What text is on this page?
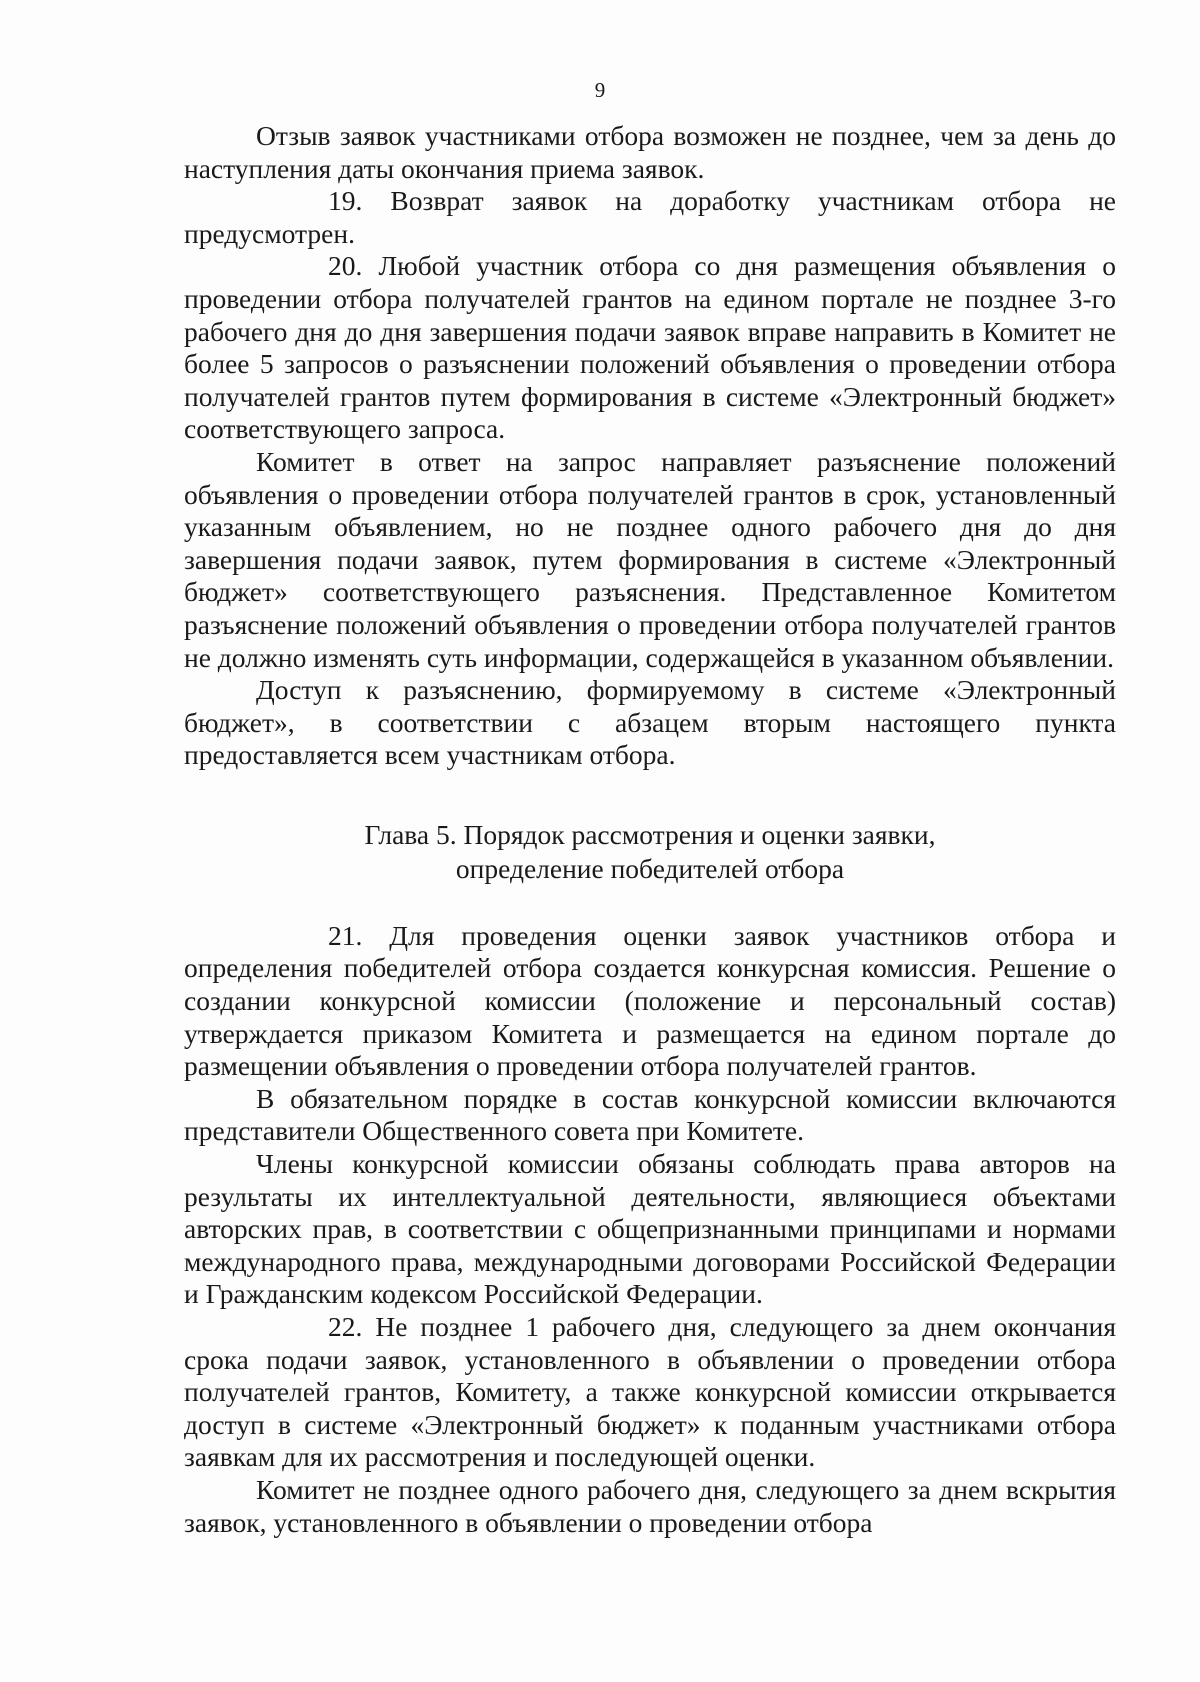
9

Отзыв заявок участниками отбора возможен не позднее, чем за день до наступления даты окончания приема заявок.

19. Возврат заявок на доработку участникам отбора не предусмотрен.

20. Любой участник отбора со дня размещения объявления о проведении отбора получателей грантов на едином портале не позднее 3-го рабочего дня до дня завершения подачи заявок вправе направить в Комитет не более 5 запросов о разъяснении положений объявления о проведении отбора получателей грантов путем формирования в системе «Электронный бюджет» соответствующего запроса.

Комитет в ответ на запрос направляет разъяснение положений объявления о проведении отбора получателей грантов в срок, установленный указанным объявлением, но не позднее одного рабочего дня до дня завершения подачи заявок, путем формирования в системе «Электронный бюджет» соответствующего разъяснения. Представленное Комитетом разъяснение положений объявления о проведении отбора получателей грантов не должно изменять суть информации, содержащейся в указанном объявлении.

Доступ к разъяснению, формируемому в системе «Электронный бюджет», в соответствии с абзацем вторым настоящего пункта предоставляется всем участникам отбора.

Глава 5. Порядок рассмотрения и оценки заявки,
определение победителей отбора

21. Для проведения оценки заявок участников отбора и определения победителей отбора создается конкурсная комиссия. Решение о создании конкурсной комиссии (положение и персональный состав) утверждается приказом Комитета и размещается на едином портале до размещении объявления о проведении отбора получателей грантов.

В обязательном порядке в состав конкурсной комиссии включаются представители Общественного совета при Комитете.

Члены конкурсной комиссии обязаны соблюдать права авторов на результаты их интеллектуальной деятельности, являющиеся объектами авторских прав, в соответствии с общепризнанными принципами и нормами международного права, международными договорами Российской Федерации и Гражданским кодексом Российской Федерации.

22. Не позднее 1 рабочего дня, следующего за днем окончания срока подачи заявок, установленного в объявлении о проведении отбора получателей грантов, Комитету, а также конкурсной комиссии открывается доступ в системе «Электронный бюджет» к поданным участниками отбора заявкам для их рассмотрения и последующей оценки.

Комитет не позднее одного рабочего дня, следующего за днем вскрытия заявок, установленного в объявлении о проведении отбора
